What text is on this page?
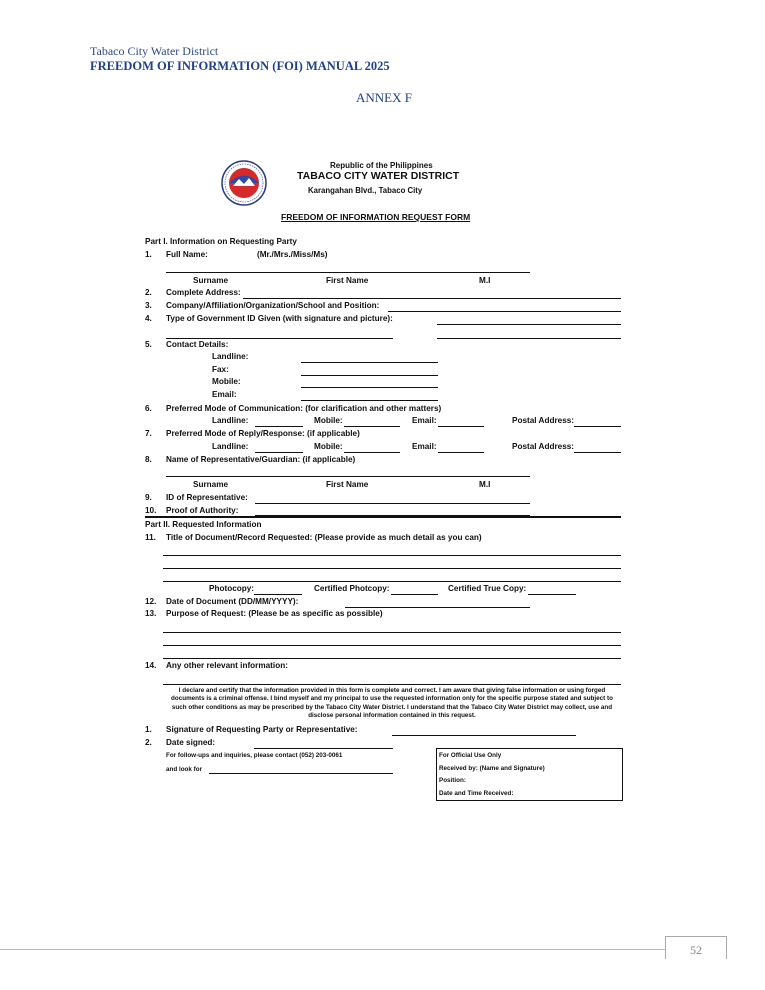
Tabaco City Water District
FREEDOM OF INFORMATION (FOI) MANUAL 2025
ANNEX F
Republic of the Philippines
TABACO CITY WATER DISTRICT
Karangahan Blvd., Tabaco City
FREEDOM OF INFORMATION REQUEST FORM
Part I. Information on Requesting Party
1. Full Name:	(Mr./Mrs./Miss/Ms)
Surname	First Name	M.I
2. Complete Address:
3. Company/Affiliation/Organization/School and Position:
4. Type of Government ID Given (with signature and picture):
5. Contact Details:
Landline:
Fax:
Mobile:
Email:
6. Preferred Mode of Communication: (for clarification and other matters)
Landline:	Mobile:	Email:	Postal Address:
7. Preferred Mode of Reply/Response: (if applicable)
Landline:	Mobile:	Email:	Postal Address:
8. Name of Representative/Guardian: (if applicable)
Surname	First Name	M.I
9. ID of Representative:
10. Proof of Authority:
Part II. Requested Information
11. Title of Document/Record Requested: (Please provide as much detail as you can)
Photocopy:	Certified Photcopy:	Certified True Copy:
12. Date of Document (DD/MM/YYYY):
13. Purpose of Request: (Please be as specific as possible)
14. Any other relevant information:
I declare and certify that the information provided in this form is complete and correct. I am aware that giving false information or using forged documents is a criminal offense. I bind myself and my principal to use the requested information only for the specific purpose stated and subject to such other conditions as may be prescribed by the Tabaco City Water District. I understand that the Tabaco City Water District may collect, use and disclose personal information contained in this request.
1. Signature of Requesting Party or Representative:
2. Date signed:
For follow-ups and inquiries, please contact (052) 203-0061
and look for
For Official Use Only
Received by: (Name and Signature)
Position:
Date and Time Received:
52
